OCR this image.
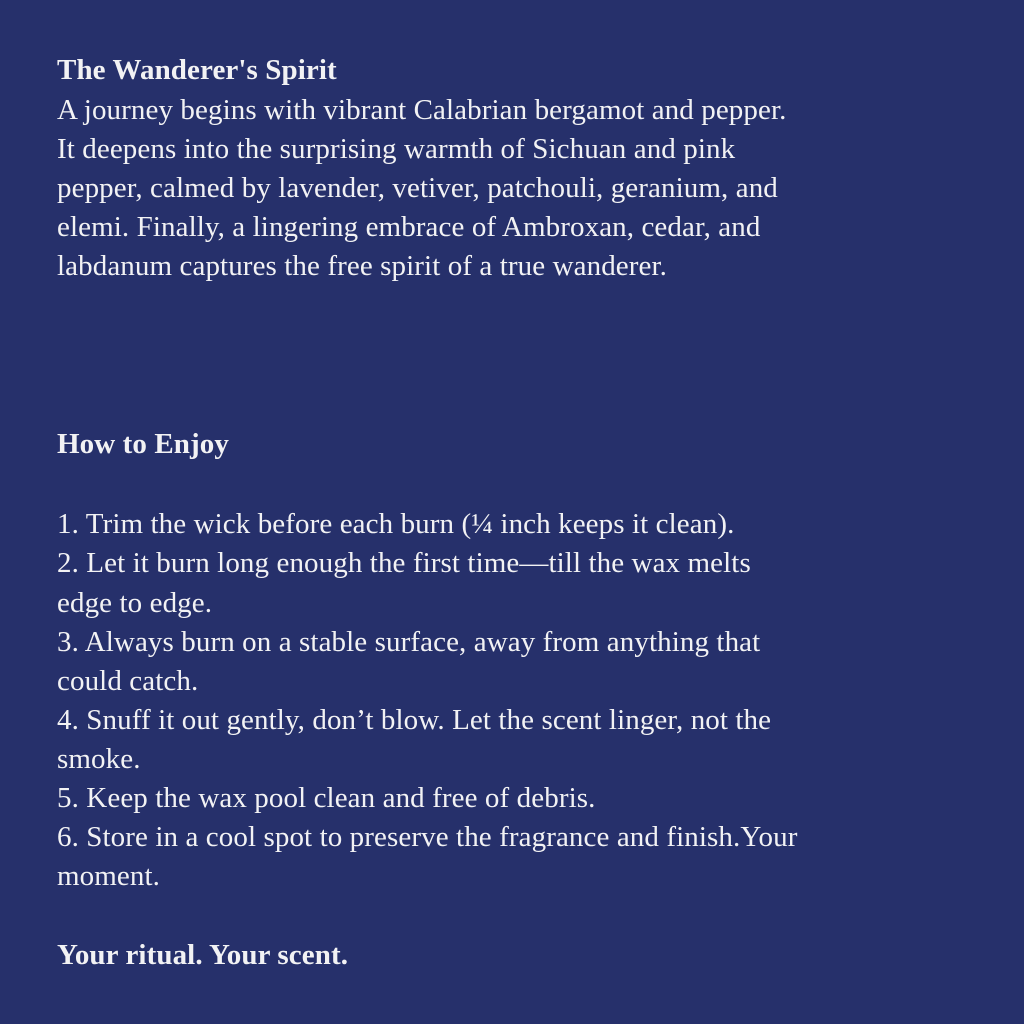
The Wanderer's Spirit
A journey begins with vibrant Calabrian bergamot and pepper.
It deepens into the surprising warmth of Sichuan and pink
pepper, calmed by lavender, vetiver, patchouli, geranium, and
elemi. Finally, a lingering embrace of Ambroxan, cedar, and
labdanum captures the free spirit of a true wanderer.
How to Enjoy
1. Trim the wick before each burn (¼ inch keeps it clean).
2. Let it burn long enough the first time—till the wax melts
edge to edge.
3. Always burn on a stable surface, away from anything that
could catch.
4. Snuff it out gently, don’t blow. Let the scent linger, not the
smoke.
5. Keep the wax pool clean and free of debris.
6. Store in a cool spot to preserve the fragrance and finish.Your
moment.
Your ritual. Your scent.
